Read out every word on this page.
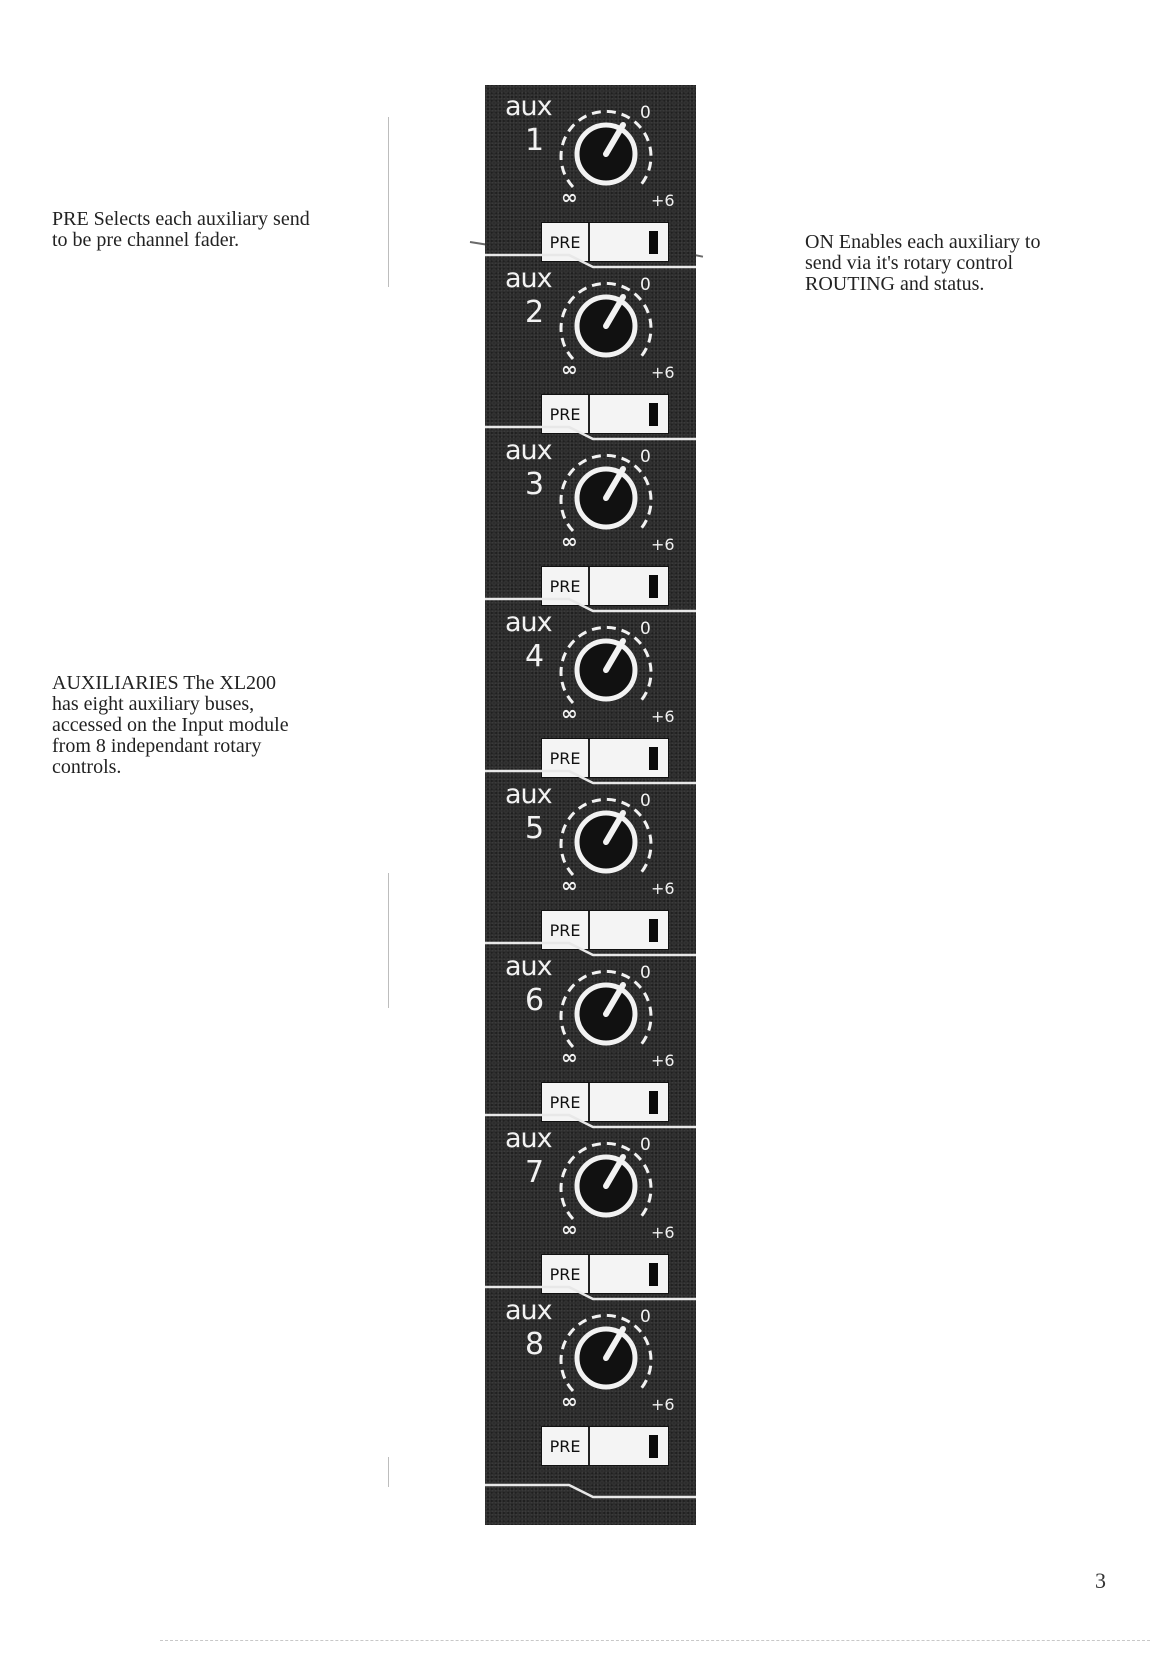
PRE Selects each auxiliary send
to be pre channel fader.	ON Enables each auxiliary to
send via it's rotary control
ROUTING and status.
AUXILIARIES The XL200
has eight auxiliary buses,
accessed on the Input module
from 8 independant rotary
controls.
aux
1
0
∞	+6
PRE
aux
2
0
∞	+6
PRE
aux
3
0
∞	+6
PRE
aux
4
0
∞	+6
PRE
aux
5
0
∞	+6
PRE
aux
6
0
∞	+6
PRE
aux
7
0
∞	+6
PRE
aux
8
0
∞	+6
PRE
3
